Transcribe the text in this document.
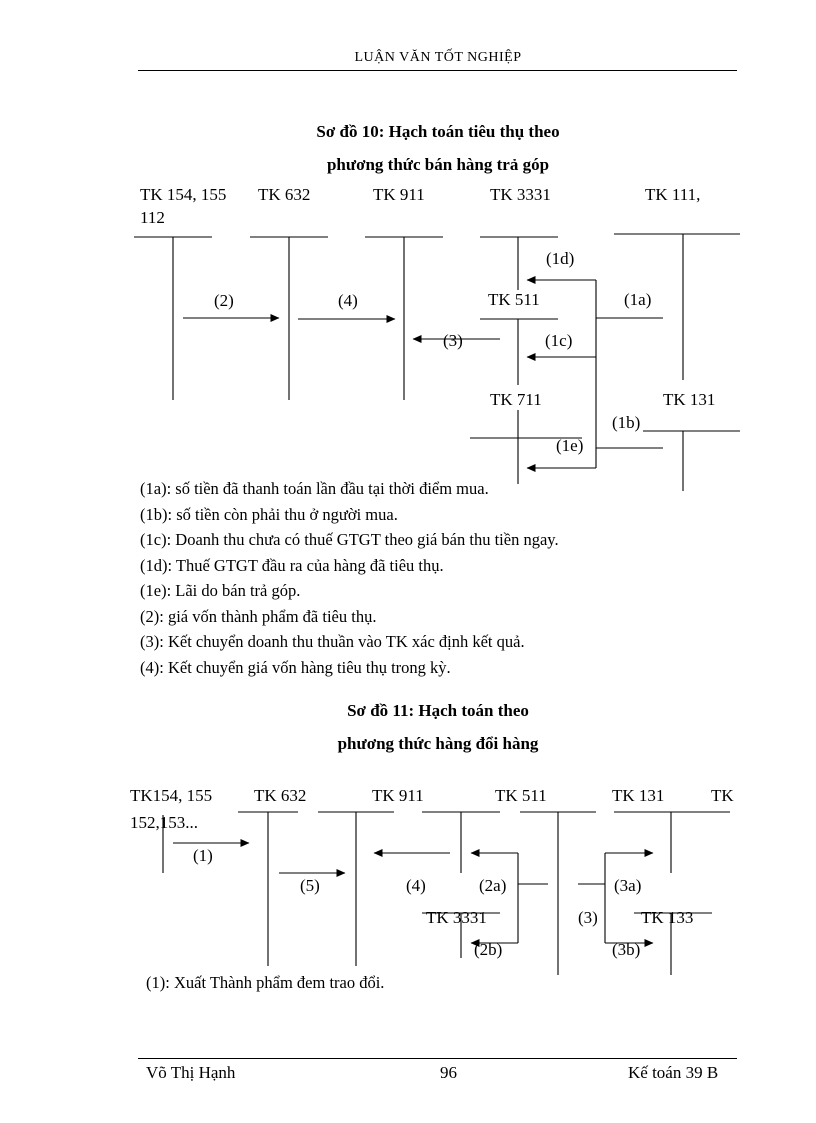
LUẬN VĂN TỐT NGHIỆP
Sơ đồ 10: Hạch toán tiêu thụ theo
phương thức bán hàng trả góp
TK 154, 155
112
TK 632	TK 911	TK 3331	TK 111,
TK 511
TK 711	TK 131
(2)	(4)
(3)
(1a)
(1b)
(1c)
(1d)
(1e)
(1a): số tiền đã thanh toán lần đầu tại thời điểm mua.
(1b): số tiền còn phải thu ở người mua.
(1c): Doanh thu chưa có thuế GTGT theo giá bán thu tiền ngay.
(1d): Thuế GTGT đầu ra của hàng đã tiêu thụ.
(1e): Lãi do bán trả góp.
(2): giá vốn thành phẩm đã tiêu thụ.
(3): Kết chuyển doanh thu thuần vào TK xác định kết quả.
(4): Kết chuyển giá vốn hàng tiêu thụ trong kỳ.
Sơ đồ 11: Hạch toán theo
phương thức hàng đổi hàng
TK154, 155
152,153...
TK 632	TK 911	TK 511	TK 131	TK
TK 3331	TK 133
(1)
(5)	(4)	(2a)
(3)
(3a)
(2b)	(3b)
(1): Xuất Thành phẩm đem trao đổi.
Võ Thị Hạnh	96	Kế toán 39 B
